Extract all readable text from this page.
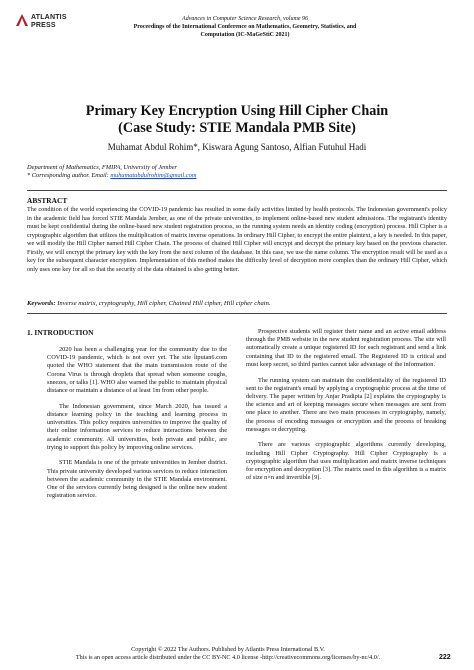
ATLANTIS
PRESS
Advances in Computer Science Research, volume 96
Proceedings of the International Conference on Mathematics, Geometry, Statistics, and
Computation (IC-MaGeStiC 2021)
Primary Key Encryption Using Hill Cipher Chain
(Case Study: STIE Mandala PMB Site)
Muhamat Abdul Rohim*, Kiswara Agung Santoso, Alfian Futuhul Hadi
Department of Mathematics, FMIPA, University of Jember
* Corresponding author. Email: muhamatabdulrohim@gmail.com
ABSTRACT
The condition of the world experiencing the COVID-19 pandemic has resulted in some daily activities limited by health protocols. The Indonesian government's policy in the academic field has forced STIE Mandala Jember, as one of the private universities, to implement online-based new student admissions. The registrant's identity must be kept confidential during the online-based new student registration process, so the running system needs an identity coding (encryption) process. Hill Cipher is a cryptographic algorithm that utilizes the multiplication of matrix inverse operations. In ordinary Hill Cipher, to encrypt the entire plaintext, a key is needed. In this paper, we will modify the Hill Cipher named Hill Cipher Chain. The process of chained Hill Cipher will encrypt and decrypt the primary key based on the previous character. Firstly, we will encrypt the primary key with the key from the next column of the database. In this case, we use the name column. The encryption result will be used as a key for the subsequent character encryption. Implementation of this method makes the difficulty level of decryption more complex than the ordinary Hill Cipher, which only uses one key for all so that the security of the data obtained is also getting better.
Keywords: Inverse matrix, cryptography, Hill cipher, Chained Hill cipher, Hill cipher chain.
1. INTRODUCTION

2020 has been a challenging year for the community due to the COVID-19 pandemic, which is not over yet. The site liputan6.com quoted the WHO statement that the main transmission route of the Corona Virus is through droplets that spread when someone coughs, sneezes, or talks [1]. WHO also warned the public to maintain physical distance or maintain a distance of at least 1m from other people.

The Indonesian government, since March 2020, has issued a distance learning policy in the teaching and learning process in universities. This policy requires universities to improve the quality of their online information services to reduce interactions between the academic community. All universities, both private and public, are trying to support this policy by improving online services.

STIE Mandala is one of the private universities in Jember district. This private university developed various services to reduce interaction between the academic community in the STIE Mandala environment. One of the services currently being designed is the online new student registration service.

Prospective students will register their name and an active email address through the PMB website in the new student registration process. The site will automatically create a unique registered ID for each registrant and send a link containing that ID to the registered email. The Registered ID is critical and must keep secret, so third parties cannot take advantage of the information.

The running system can maintain the confidentiality of the registered ID sent to the registrant's email by applying a cryptographic process at the time of delivery. The paper written by Anjar Pradipta [2] explains the cryptography is the science and art of keeping messages secure when messages are sent from one place to another. There are two main processes in cryptography, namely, the process of encoding messages or encryption and the process of breaking messages or decrypting.

There are various cryptographic algorithms currently developing, including Hill Cipher Cryptography. Hill Cipher Cryptography is a cryptographic algorithm that uses multiplication and matrix inverse techniques for encryption and decryption [3]. The matrix used in this algorithm is a matrix of size n×n and invertible [9].

Copyright © 2022 The Authors. Published by Atlantis Press International B.V.
This is an open access article distributed under the CC BY-NC 4.0 license -http://creativecommons.org/licenses/by-nc/4.0/.	222
